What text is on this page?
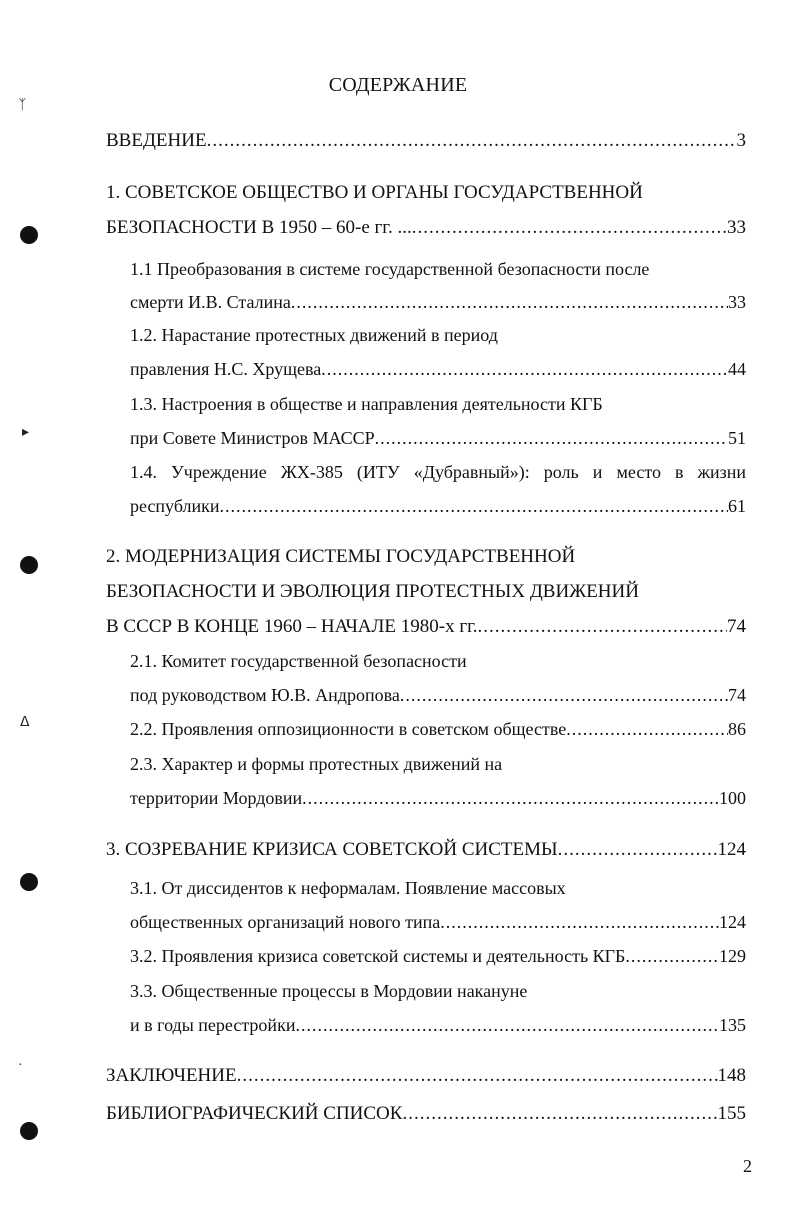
СОДЕРЖАНИЕ
ВВЕДЕНИЕ .....	3
1. СОВЕТСКОЕ ОБЩЕСТВО И ОРГАНЫ ГОСУДАРСТВЕННОЙ
БЕЗОПАСНОСТИ В 1950 – 60-е гг. ... .....	33
1.1 Преобразования в системе государственной безопасности после
смерти И.В. Сталина .....	33
1.2. Нарастание протестных движений в период
правления Н.С. Хрущева .....	44
1.3. Настроения в обществе и направления деятельности КГБ
при Совете Министров МАССР .....	51
1.4. Учреждение ЖХ-385 (ИТУ «Дубравный»): роль и место в жизни
республики .....	61
2. МОДЕРНИЗАЦИЯ СИСТЕМЫ ГОСУДАРСТВЕННОЙ
БЕЗОПАСНОСТИ И ЭВОЛЮЦИЯ ПРОТЕСТНЫХ ДВИЖЕНИЙ
В СССР В КОНЦЕ 1960 – НАЧАЛЕ 1980-х гг. .....	74
2.1. Комитет государственной безопасности
под руководством Ю.В. Андропова .....	74
2.2. Проявления оппозиционности в советском обществе .....	86
2.3. Характер и формы протестных движений на
территории Мордовии .....	100
3. СОЗРЕВАНИЕ КРИЗИСА СОВЕТСКОЙ СИСТЕМЫ .....	124
3.1. От диссидентов к неформалам. Появление массовых
общественных организаций нового типа .....	124
3.2. Проявления кризиса советской системы и деятельность КГБ .....	129
3.3. Общественные процессы в Мордовии накануне
и в годы перестройки .....	135
ЗАКЛЮЧЕНИЕ .....	148
БИБЛИОГРАФИЧЕСКИЙ СПИСОК .....	155
2
ᛉ
▸
ᐃ
·
